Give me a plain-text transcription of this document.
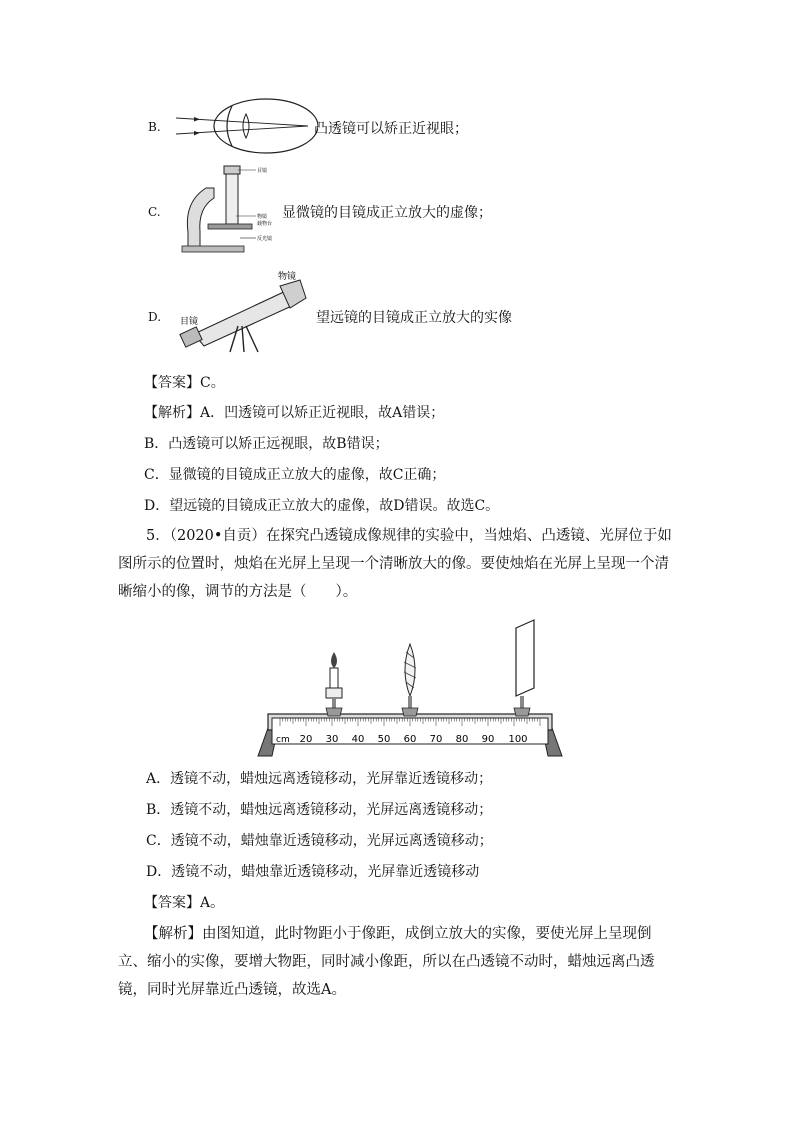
B.	凸透镜可以矫正近视眼；
C.
目镜
物镜
载物台
反光镜
显微镜的目镜成正立放大的虚像；
D.
物镜
目镜	望远镜的目镜成正立放大的实像
【答案】C。
【解析】A．凹透镜可以矫正近视眼，故A错误；
B．凸透镜可以矫正远视眼，故B错误；
C．显微镜的目镜成正立放大的虚像，故C正确；
D．望远镜的目镜成正立放大的虚像，故D错误。故选C。
5．（2020•自贡）在探究凸透镜成像规律的实验中，当烛焰、凸透镜、光屏位于如图所示的位置时，烛焰在光屏上呈现一个清晰放大的像。要使烛焰在光屏上呈现一个清晰缩小的像，调节的方法是（　　）。
cm 20 30 40 50 60 70 80 90 100
A．透镜不动，蜡烛远离透镜移动，光屏靠近透镜移动；
B．透镜不动，蜡烛远离透镜移动，光屏远离透镜移动；
C．透镜不动，蜡烛靠近透镜移动，光屏远离透镜移动；
D．透镜不动，蜡烛靠近透镜移动，光屏靠近透镜移动
【答案】A。
【解析】由图知道，此时物距小于像距，成倒立放大的实像，要使光屏上呈现倒立、缩小的实像，要增大物距，同时减小像距，所以在凸透镜不动时，蜡烛远离凸透镜，同时光屏靠近凸透镜，故选A。
